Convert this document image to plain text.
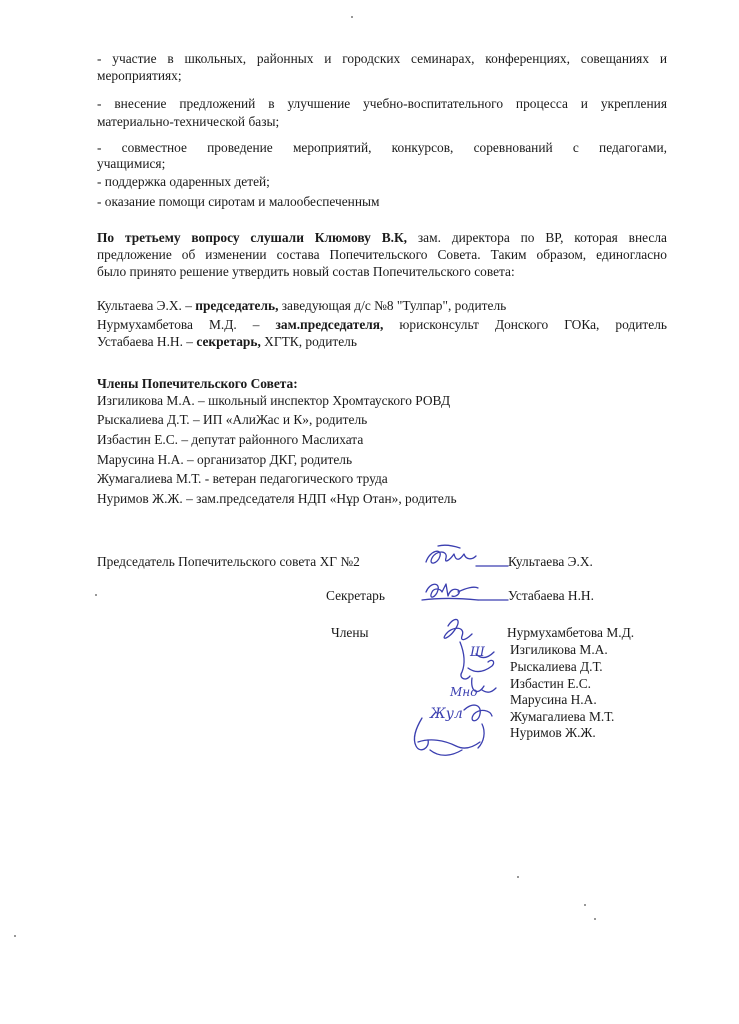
- участие в школьных, районных и городских семинарах, конференциях, совещаниях и
мероприятиях;
- внесение предложений в улучшение учебно-воспитательного процесса и укрепления
материально-технической базы;
- совместное проведение мероприятий, конкурсов, соревнований с педагогами,
учащимися;
- поддержка одаренных детей;
- оказание помощи сиротам и малообеспеченным
По третьему вопросу слушали Клюмову В.К, зам. директора по ВР, которая внесла
предложение об изменении состава Попечительского Совета. Таким образом, единогласно
было принято решение утвердить новый состав Попечительского совета:
Культаева Э.Х. – председатель, заведующая д/с №8 "Тулпар", родитель
Нурмухамбетова М.Д. – зам.председателя, юрисконсульт Донского ГОКа, родитель
Устабаева Н.Н. – секретарь, ХГТК, родитель
Члены Попечительского Совета:
Изгиликова М.А. – школьный инспектор Хромтауского РОВД
Рыскалиева Д.Т. – ИП «АлиЖас и К», родитель
Избастин Е.С. – депутат районного Маслихата
Марусина Н.А. – организатор ДКГ, родитель
Жумагалиева М.Т. - ветеран педагогического труда
Нуримов Ж.Ж. – зам.председателя НДП «Нұр Отан», родитель
Председатель Попечительского совета ХГ №2	Культаева Э.Х.
Секретарь	Устабаева Н.Н.
Члены	Нурмухамбетова М.Д.
Изгиликова М.А.
Рыскалиева Д.Т.
Избастин Е.С.
Марусина Н.А.
Жумагалиева М.Т.
Нуримов Ж.Ж.
Ш
Мно
Жул
